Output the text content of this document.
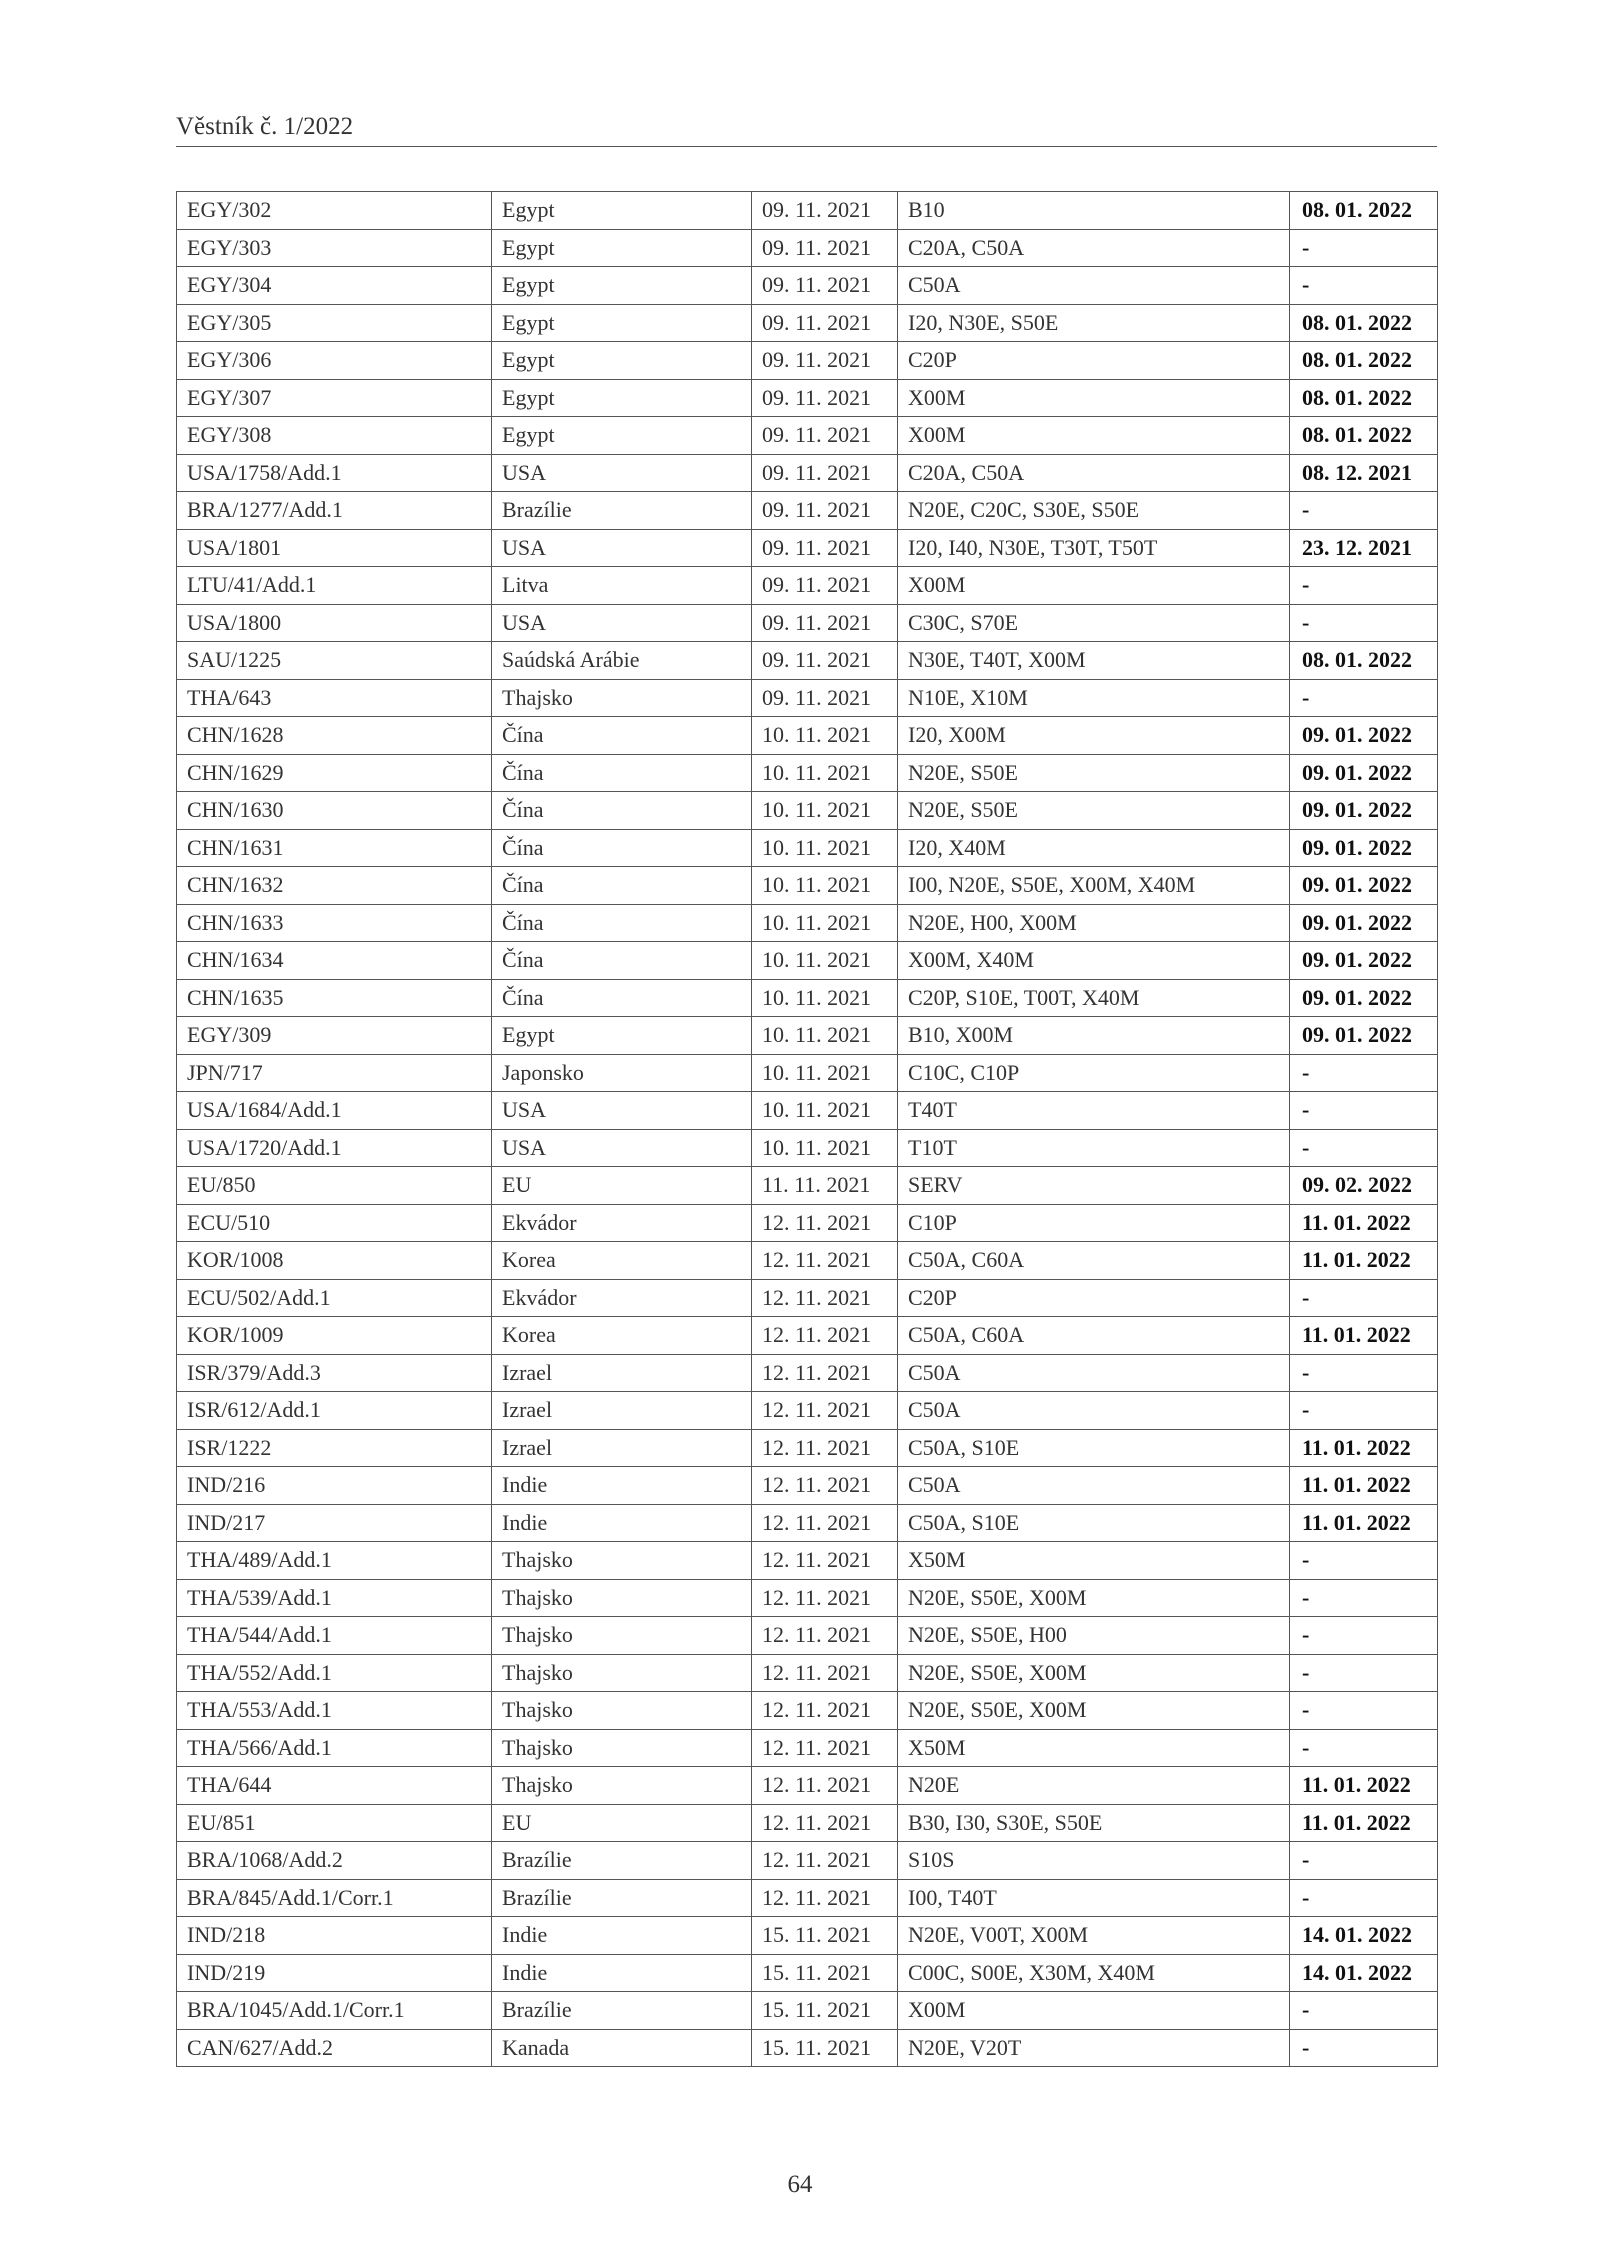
Věstník č. 1/2022
EGY/302	Egypt	09. 11. 2021	B10	08. 01. 2022
EGY/303	Egypt	09. 11. 2021	C20A, C50A	-
EGY/304	Egypt	09. 11. 2021	C50A	-
EGY/305	Egypt	09. 11. 2021	I20, N30E, S50E	08. 01. 2022
EGY/306	Egypt	09. 11. 2021	C20P	08. 01. 2022
EGY/307	Egypt	09. 11. 2021	X00M	08. 01. 2022
EGY/308	Egypt	09. 11. 2021	X00M	08. 01. 2022
USA/1758/Add.1	USA	09. 11. 2021	C20A, C50A	08. 12. 2021
BRA/1277/Add.1	Brazílie	09. 11. 2021	N20E, C20C, S30E, S50E	-
USA/1801	USA	09. 11. 2021	I20, I40, N30E, T30T, T50T	23. 12. 2021
LTU/41/Add.1	Litva	09. 11. 2021	X00M	-
USA/1800	USA	09. 11. 2021	C30C, S70E	-
SAU/1225	Saúdská Arábie	09. 11. 2021	N30E, T40T, X00M	08. 01. 2022
THA/643	Thajsko	09. 11. 2021	N10E, X10M	-
CHN/1628	Čína	10. 11. 2021	I20, X00M	09. 01. 2022
CHN/1629	Čína	10. 11. 2021	N20E, S50E	09. 01. 2022
CHN/1630	Čína	10. 11. 2021	N20E, S50E	09. 01. 2022
CHN/1631	Čína	10. 11. 2021	I20, X40M	09. 01. 2022
CHN/1632	Čína	10. 11. 2021	I00, N20E, S50E, X00M, X40M	09. 01. 2022
CHN/1633	Čína	10. 11. 2021	N20E, H00, X00M	09. 01. 2022
CHN/1634	Čína	10. 11. 2021	X00M, X40M	09. 01. 2022
CHN/1635	Čína	10. 11. 2021	C20P, S10E, T00T, X40M	09. 01. 2022
EGY/309	Egypt	10. 11. 2021	B10, X00M	09. 01. 2022
JPN/717	Japonsko	10. 11. 2021	C10C, C10P	-
USA/1684/Add.1	USA	10. 11. 2021	T40T	-
USA/1720/Add.1	USA	10. 11. 2021	T10T	-
EU/850	EU	11. 11. 2021	SERV	09. 02. 2022
ECU/510	Ekvádor	12. 11. 2021	C10P	11. 01. 2022
KOR/1008	Korea	12. 11. 2021	C50A, C60A	11. 01. 2022
ECU/502/Add.1	Ekvádor	12. 11. 2021	C20P	-
KOR/1009	Korea	12. 11. 2021	C50A, C60A	11. 01. 2022
ISR/379/Add.3	Izrael	12. 11. 2021	C50A	-
ISR/612/Add.1	Izrael	12. 11. 2021	C50A	-
ISR/1222	Izrael	12. 11. 2021	C50A, S10E	11. 01. 2022
IND/216	Indie	12. 11. 2021	C50A	11. 01. 2022
IND/217	Indie	12. 11. 2021	C50A, S10E	11. 01. 2022
THA/489/Add.1	Thajsko	12. 11. 2021	X50M	-
THA/539/Add.1	Thajsko	12. 11. 2021	N20E, S50E, X00M	-
THA/544/Add.1	Thajsko	12. 11. 2021	N20E, S50E, H00	-
THA/552/Add.1	Thajsko	12. 11. 2021	N20E, S50E, X00M	-
THA/553/Add.1	Thajsko	12. 11. 2021	N20E, S50E, X00M	-
THA/566/Add.1	Thajsko	12. 11. 2021	X50M	-
THA/644	Thajsko	12. 11. 2021	N20E	11. 01. 2022
EU/851	EU	12. 11. 2021	B30, I30, S30E, S50E	11. 01. 2022
BRA/1068/Add.2	Brazílie	12. 11. 2021	S10S	-
BRA/845/Add.1/Corr.1	Brazílie	12. 11. 2021	I00, T40T	-
IND/218	Indie	15. 11. 2021	N20E, V00T, X00M	14. 01. 2022
IND/219	Indie	15. 11. 2021	C00C, S00E, X30M, X40M	14. 01. 2022
BRA/1045/Add.1/Corr.1	Brazílie	15. 11. 2021	X00M	-
CAN/627/Add.2	Kanada	15. 11. 2021	N20E, V20T	-
64
